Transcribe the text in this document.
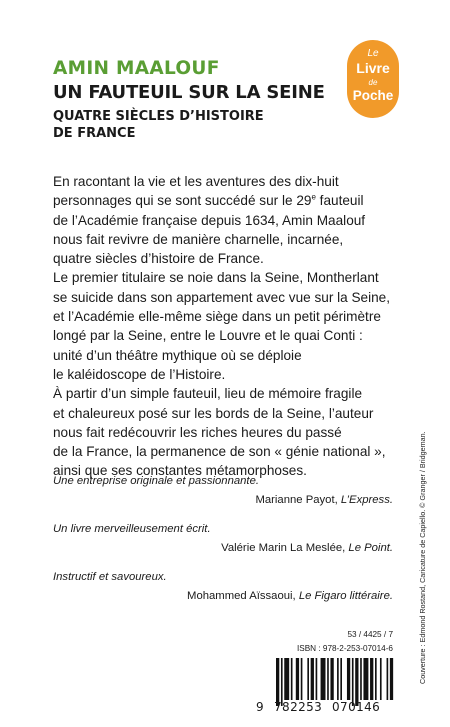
AMIN MAALOUF
UN FAUTEUIL SUR LA SEINE
QUATRE SIÈCLES D’HISTOIRE
DE FRANCE
Le
Livre
de
Poche
En racontant la vie et les aventures des dix-huit
personnages qui se sont succédé sur le 29e fauteuil
de l’Académie française depuis 1634, Amin Maalouf
nous fait revivre de manière charnelle, incarnée,
quatre siècles d’histoire de France.
Le premier titulaire se noie dans la Seine, Montherlant
se suicide dans son appartement avec vue sur la Seine,
et l’Académie elle-même siège dans un petit périmètre
longé par la Seine, entre le Louvre et le quai Conti :
unité d’un théâtre mythique où se déploie
le kaléidoscope de l’Histoire.
À partir d’un simple fauteuil, lieu de mémoire fragile
et chaleureux posé sur les bords de la Seine, l’auteur
nous fait redécouvrir les riches heures du passé
de la France, la permanence de son « génie national »,
ainsi que ses constantes métamorphoses.
Une entreprise originale et passionnante.
Marianne Payot, L’Express.
Un livre merveilleusement écrit.
Valérie Marin La Meslée, Le Point.
Instructif et savoureux.
Mohammed Aïssaoui, Le Figaro littéraire.	Couverture : Edmond Rostand, Caricature de Capiello. © Granger / Bridgeman.
53 / 4425 / 7
ISBN : 978-2-253-07014-6
9 782253 070146
